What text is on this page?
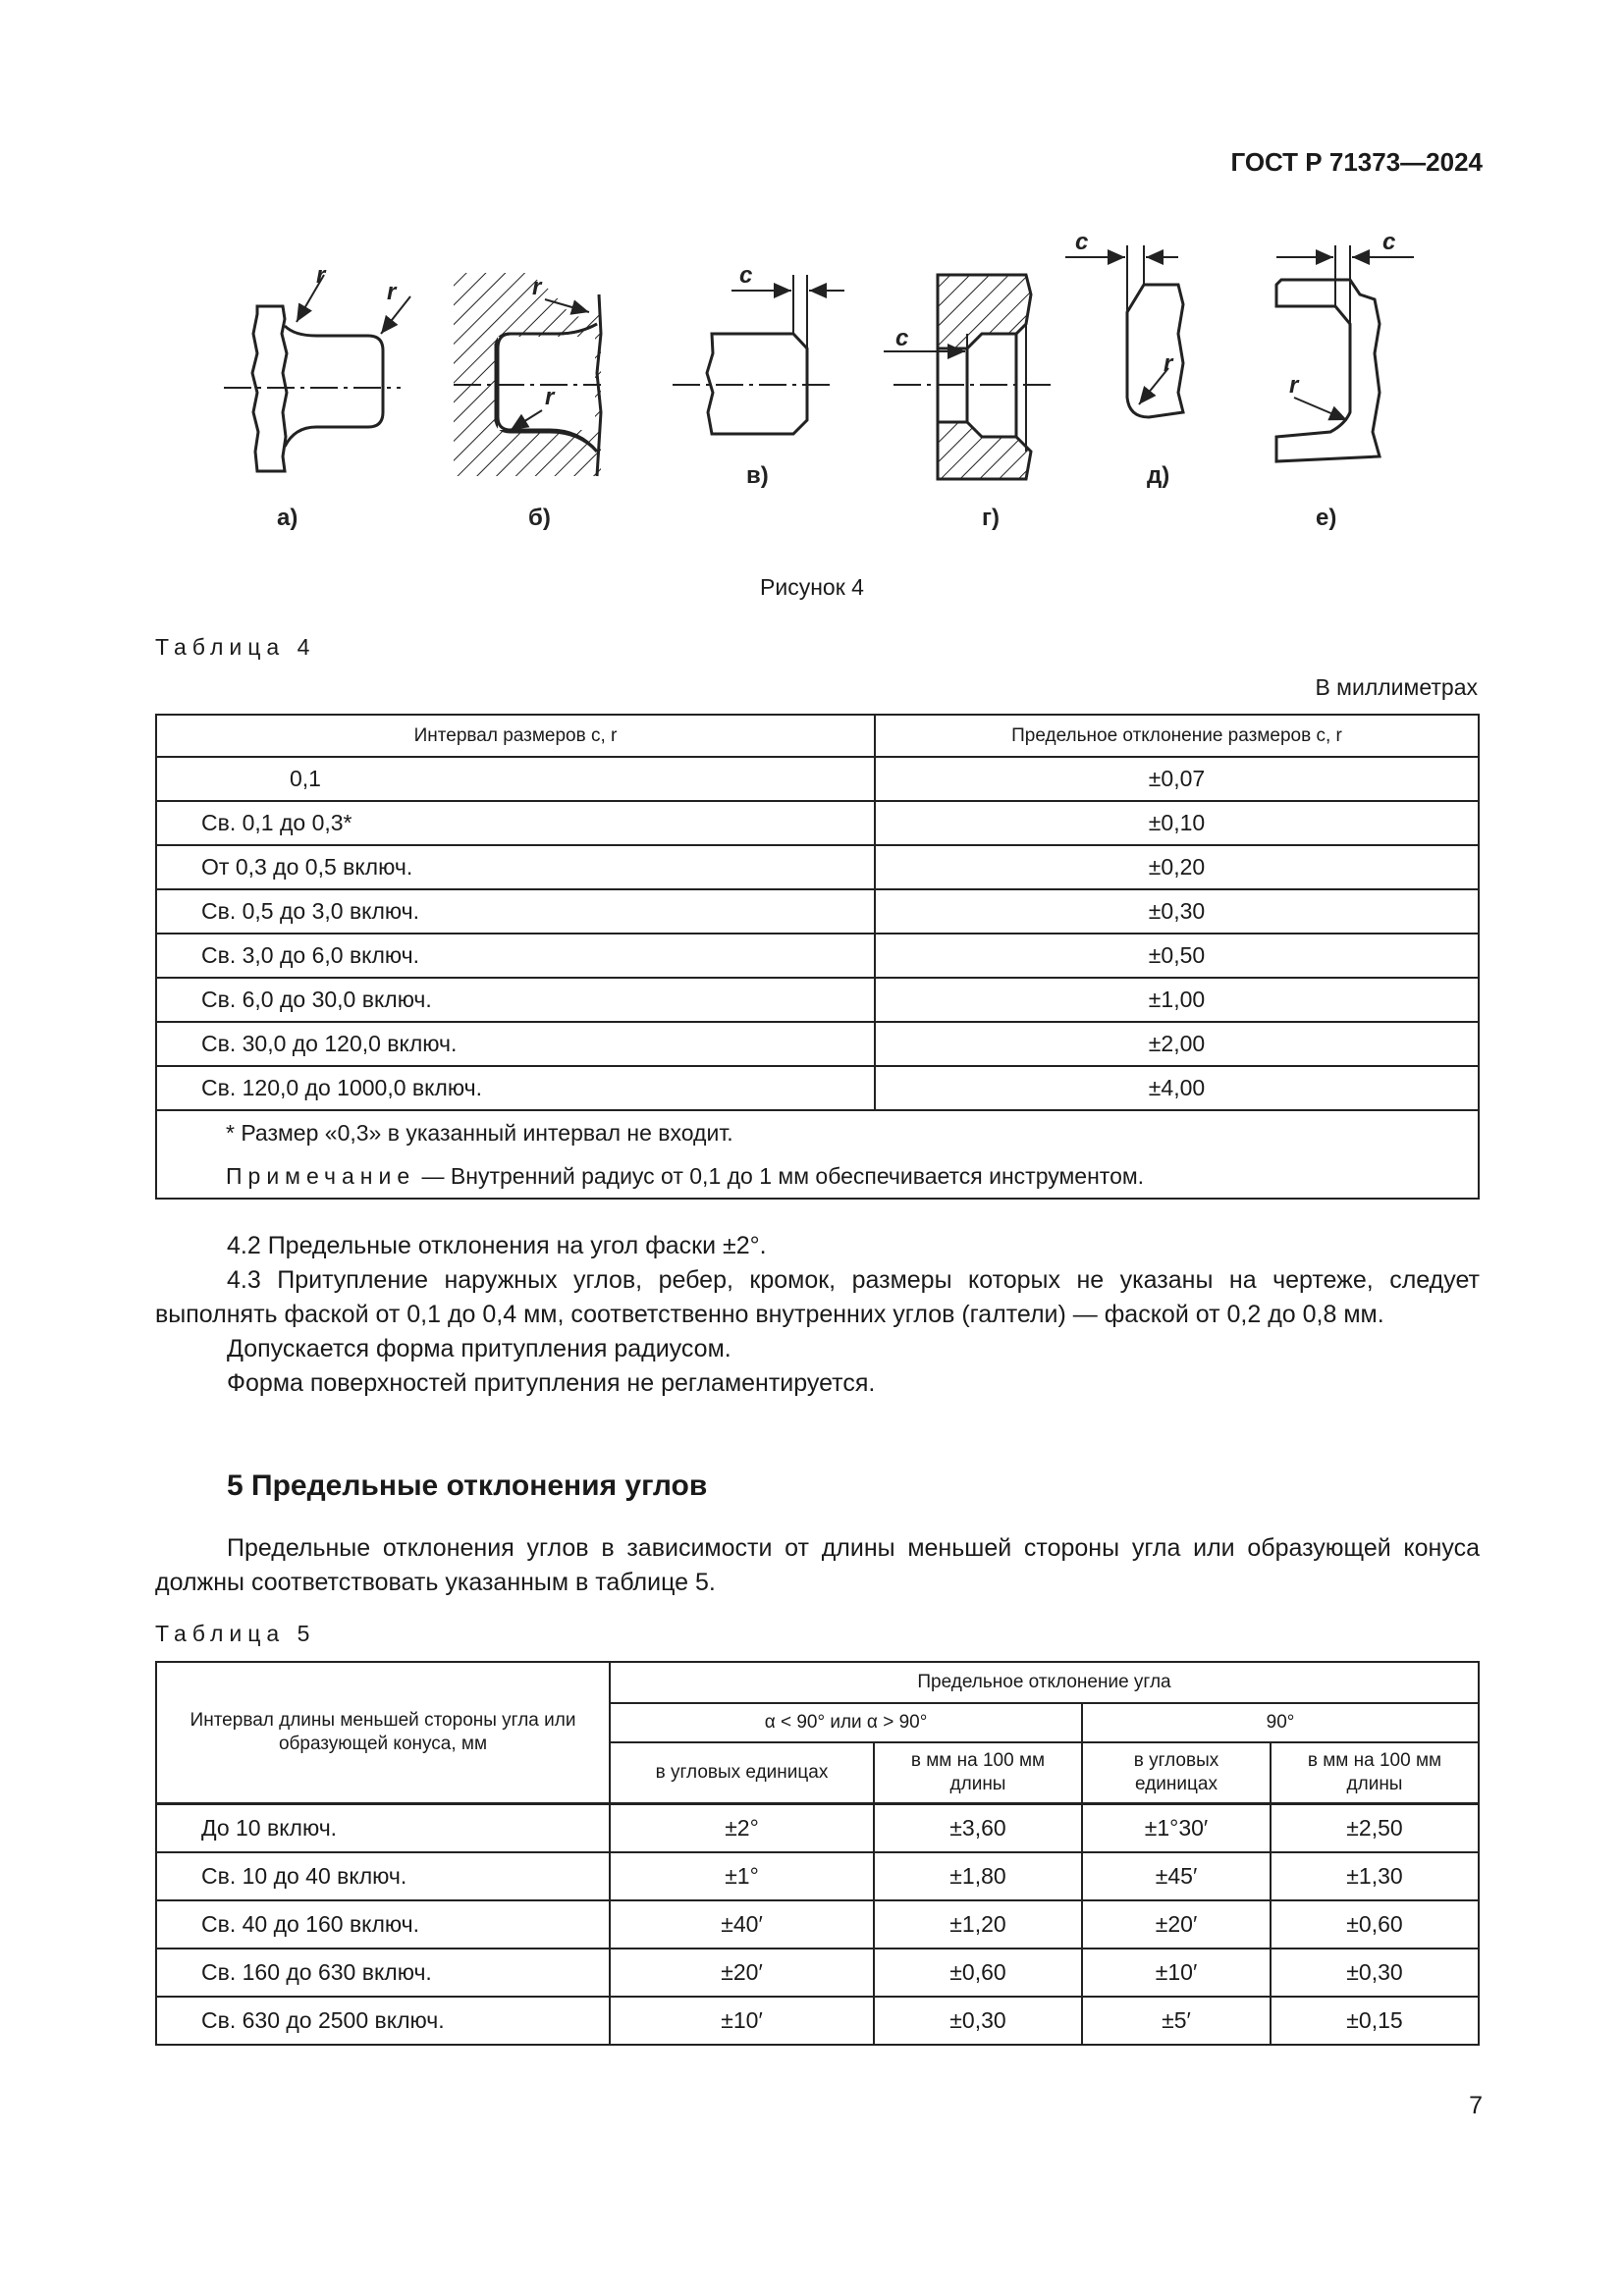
ГОСТ Р 71373—2024
r
r	r
r
c
c
c
r
c
r
а)	б)
в)
г)
д)
е)
Рисунок 4
Таблица 4
В миллиметрах
Интервал размеров c, r	Предельное отклонение размеров c, r
0,1	±0,07
Св. 0,1 до 0,3*	±0,10
От 0,3 до 0,5 включ.	±0,20
Св. 0,5 до 3,0 включ.	±0,30
Св. 3,0 до 6,0 включ.	±0,50
Св. 6,0 до 30,0 включ.	±1,00
Св. 30,0 до 120,0 включ.	±2,00
Св. 120,0 до 1000,0 включ.	±4,00
* Размер «0,3» в указанный интервал не входит.	
Примечание — Внутренний радиус от 0,1 до 1 мм обеспечивается инструментом.	

4.2 Предельные отклонения на угол фаски ±2°.

4.3 Притупление наружных углов, ребер, кромок, размеры которых не указаны на чертеже, следует выполнять фаской от 0,1 до 0,4 мм, соответственно внутренних углов (галтели) — фаской от 0,2 до 0,8 мм.

Допускается форма притупления радиусом.

Форма поверхностей притупления не регламентируется.

5 Предельные отклонения углов

Предельные отклонения углов в зависимости от длины меньшей стороны угла или образующей конуса должны соответствовать указанным в таблице 5.

Таблица 5
Интервал длины меньшей стороны угла или образующей конуса, мм	Предельное отклонение угла			
	α < 90° или α > 90°		90°	
	в угловых единицах	в мм на 100 мм длины	в угловых единицах	в мм на 100 мм длины
До 10 включ.	±2°	±3,60	±1°30′	±2,50
Св. 10 до 40 включ.	±1°	±1,80	±45′	±1,30
Св. 40 до 160 включ.	±40′	±1,20	±20′	±0,60
Св. 160 до 630 включ.	±20′	±0,60	±10′	±0,30
Св. 630 до 2500 включ.	±10′	±0,30	±5′	±0,15
7
